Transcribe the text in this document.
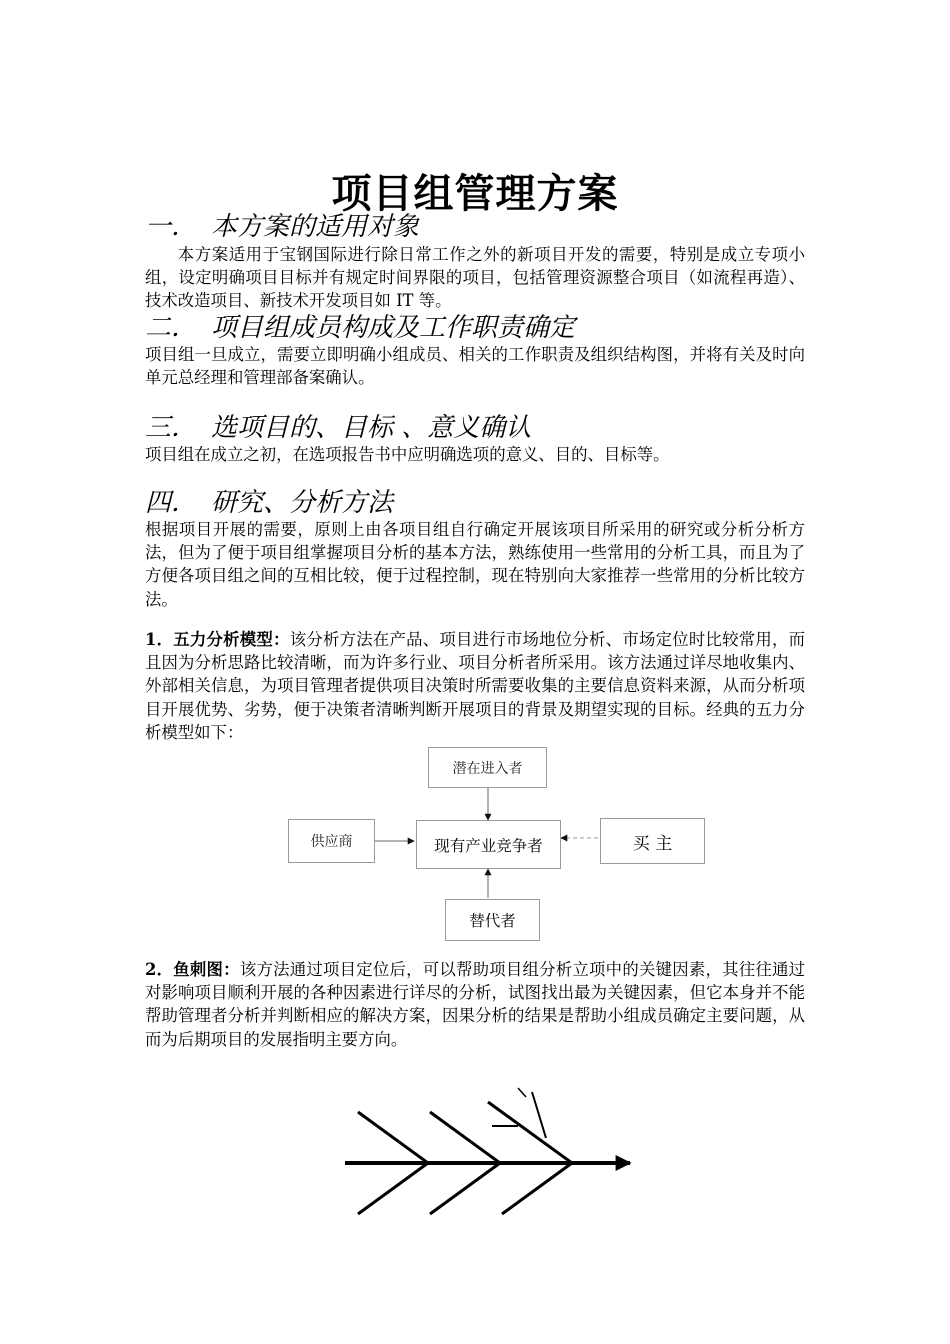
项目组管理方案
一． 本方案的适用对象
本方案适用于宝钢国际进行除日常工作之外的新项目开发的需要，特别是成立专项小组，设定明确项目目标并有规定时间界限的项目，包括管理资源整合项目（如流程再造）、技术改造项目、新技术开发项目如 IT 等。
二． 项目组成员构成及工作职责确定
项目组一旦成立，需要立即明确小组成员、相关的工作职责及组织结构图，并将有关及时向单元总经理和管理部备案确认。
三． 选项目的、目标 、意义确认
项目组在成立之初，在选项报告书中应明确选项的意义、目的、目标等。
四． 研究、分析方法
根据项目开展的需要，原则上由各项目组自行确定开展该项目所采用的研究或分析分析方法，但为了便于项目组掌握项目分析的基本方法，熟练使用一些常用的分析工具，而且为了方便各项目组之间的互相比较，便于过程控制，现在特别向大家推荐一些常用的分析比较方法。
1．五力分析模型：该分析方法在产品、项目进行市场地位分析、市场定位时比较常用，而且因为分析思路比较清晰，而为许多行业、项目分析者所采用。该方法通过详尽地收集内、外部相关信息，为项目管理者提供项目决策时所需要收集的主要信息资料来源，从而分析项目开展优势、劣势，便于决策者清晰判断开展项目的背景及期望实现的目标。经典的五力分析模型如下：
潜在进入者
供应商	现有产业竞争者	买 主
替代者
2．鱼刺图：该方法通过项目定位后，可以帮助项目组分析立项中的关键因素，其往往通过对影响项目顺利开展的各种因素进行详尽的分析，试图找出最为关键因素，但它本身并不能帮助管理者分析并判断相应的解决方案，因果分析的结果是帮助小组成员确定主要问题，从而为后期项目的发展指明主要方向。
